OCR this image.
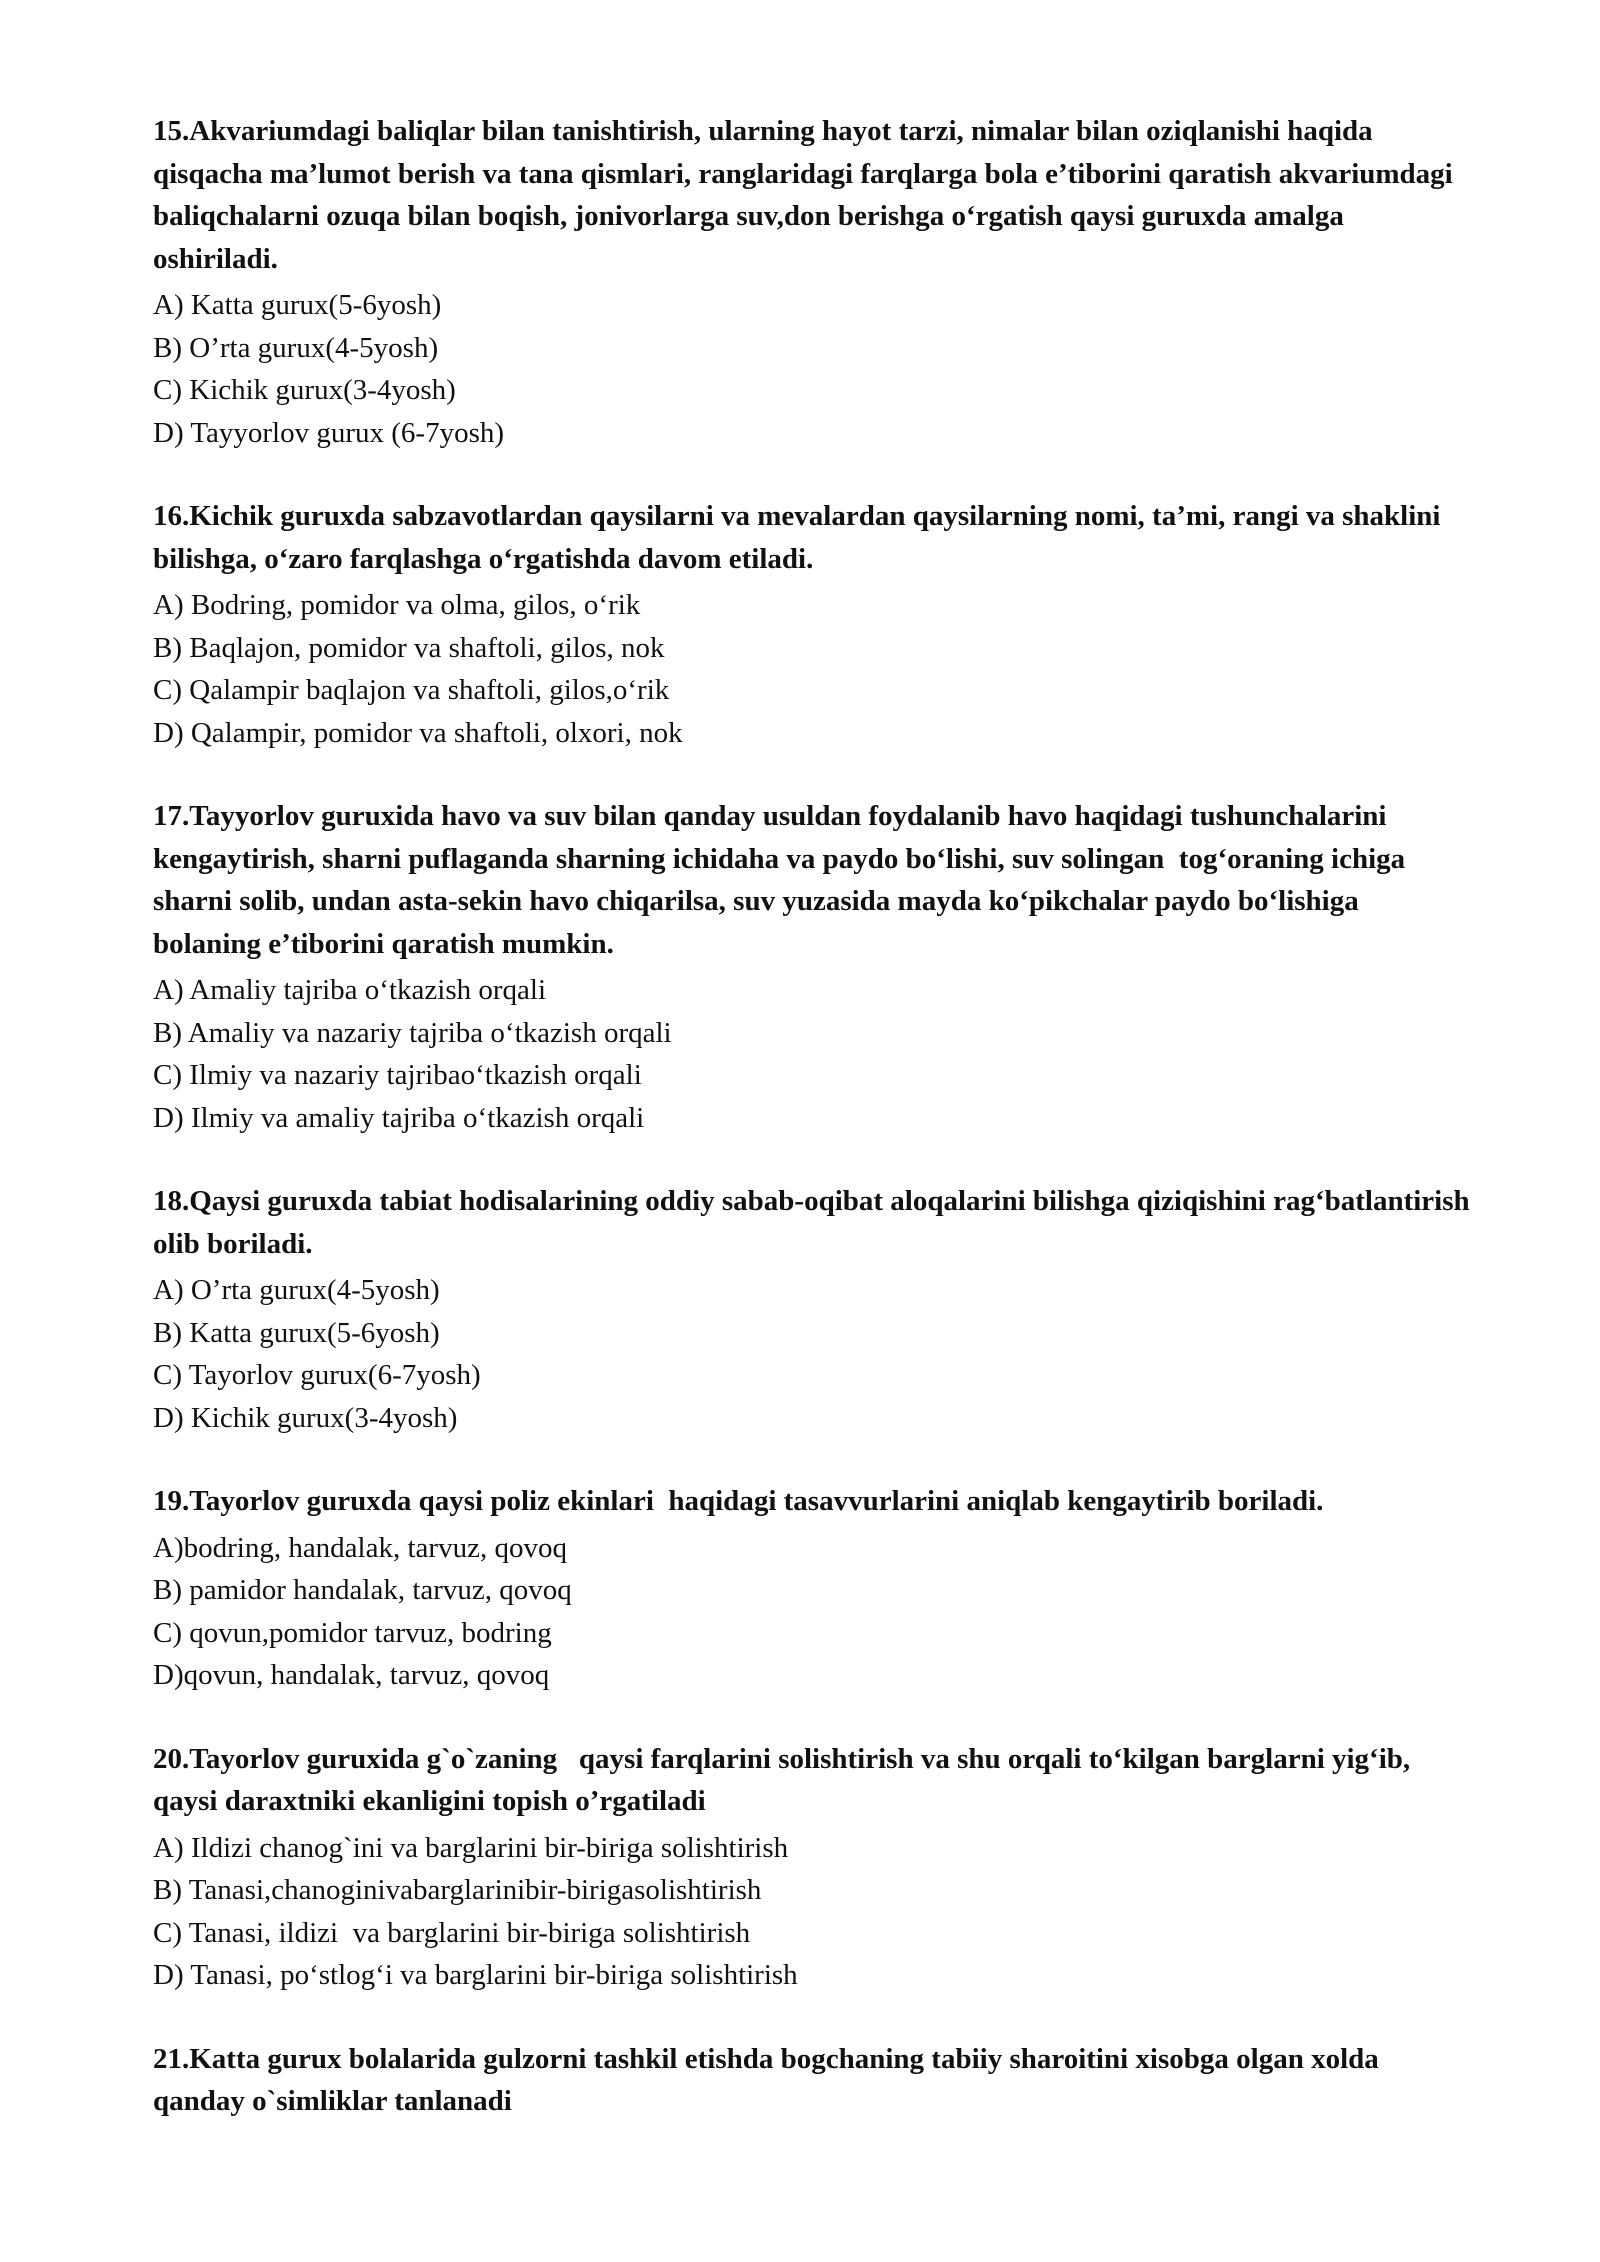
15.Akvariumdagi baliqlar bilan tanishtirish, ularning hayot tarzi, nimalar bilan oziqlanishi haqida qisqacha ma’lumot berish va tana qismlari, ranglaridagi farqlarga bola e’tiborini qaratish akvariumdagi baliqchalarni ozuqa bilan boqish, jonivorlarga suv,don berishga o‘rgatish qaysi guruxda amalga oshiriladi.

A) Katta gurux(5-6yosh)
B) O’rta gurux(4-5yosh)
C) Kichik gurux(3-4yosh)
D) Tayyorlov gurux (6-7yosh)

16.Kichik guruxda sabzavotlardan qaysilarni va mevalardan qaysilarning nomi, ta’mi, rangi va shaklini bilishga, o‘zaro farqlashga o‘rgatishda davom etiladi.

A) Bodring, pomidor va olma, gilos, o‘rik
B) Baqlajon, pomidor va shaftoli, gilos, nok
C) Qalampir baqlajon va shaftoli, gilos,o‘rik
D) Qalampir, pomidor va shaftoli, olxori, nok

17.Tayyorlov guruxida havo va suv bilan qanday usuldan foydalanib havo haqidagi tushunchalarini kengaytirish, sharni puflaganda sharning ichidaha va paydo bo‘lishi, suv solingan  tog‘oraning ichiga sharni solib, undan asta-sekin havo chiqarilsa, suv yuzasida mayda ko‘pikchalar paydo bo‘lishiga bolaning e’tiborini qaratish mumkin.

A) Amaliy tajriba o‘tkazish orqali
B) Amaliy va nazariy tajriba o‘tkazish orqali
C) Ilmiy va nazariy tajribao‘tkazish orqali
D) Ilmiy va amaliy tajriba o‘tkazish orqali

18.Qaysi guruxda tabiat hodisalarining oddiy sabab-oqibat aloqalarini bilishga qiziqishini rag‘batlantirish olib boriladi.

A) O’rta gurux(4-5yosh)
B) Katta gurux(5-6yosh)
C) Tayorlov gurux(6-7yosh)
D) Kichik gurux(3-4yosh)

19.Tayorlov guruxda qaysi poliz ekinlari  haqidagi tasavvurlarini aniqlab kengaytirib boriladi.

A)bodring, handalak, tarvuz, qovoq
B) pamidor handalak, tarvuz, qovoq
C) qovun,pomidor tarvuz, bodring
D)qovun, handalak, tarvuz, qovoq

20.Tayorlov guruxida g`o`zaning   qaysi farqlarini solishtirish va shu orqali to‘kilgan barglarni yig‘ib, qaysi daraxtniki ekanligini topish o’rgatiladi

A) Ildizi chanog`ini va barglarini bir-biriga solishtirish
B) Tanasi,chanoginivabarglarinibir-birigasolishtirish
C) Tanasi, ildizi  va barglarini bir-biriga solishtirish
D) Tanasi, po‘stlog‘i va barglarini bir-biriga solishtirish

21.Katta gurux bolalarida gulzorni tashkil etishda bogchaning tabiiy sharoitini xisobga olgan xolda qanday o`simliklar tanlanadi
